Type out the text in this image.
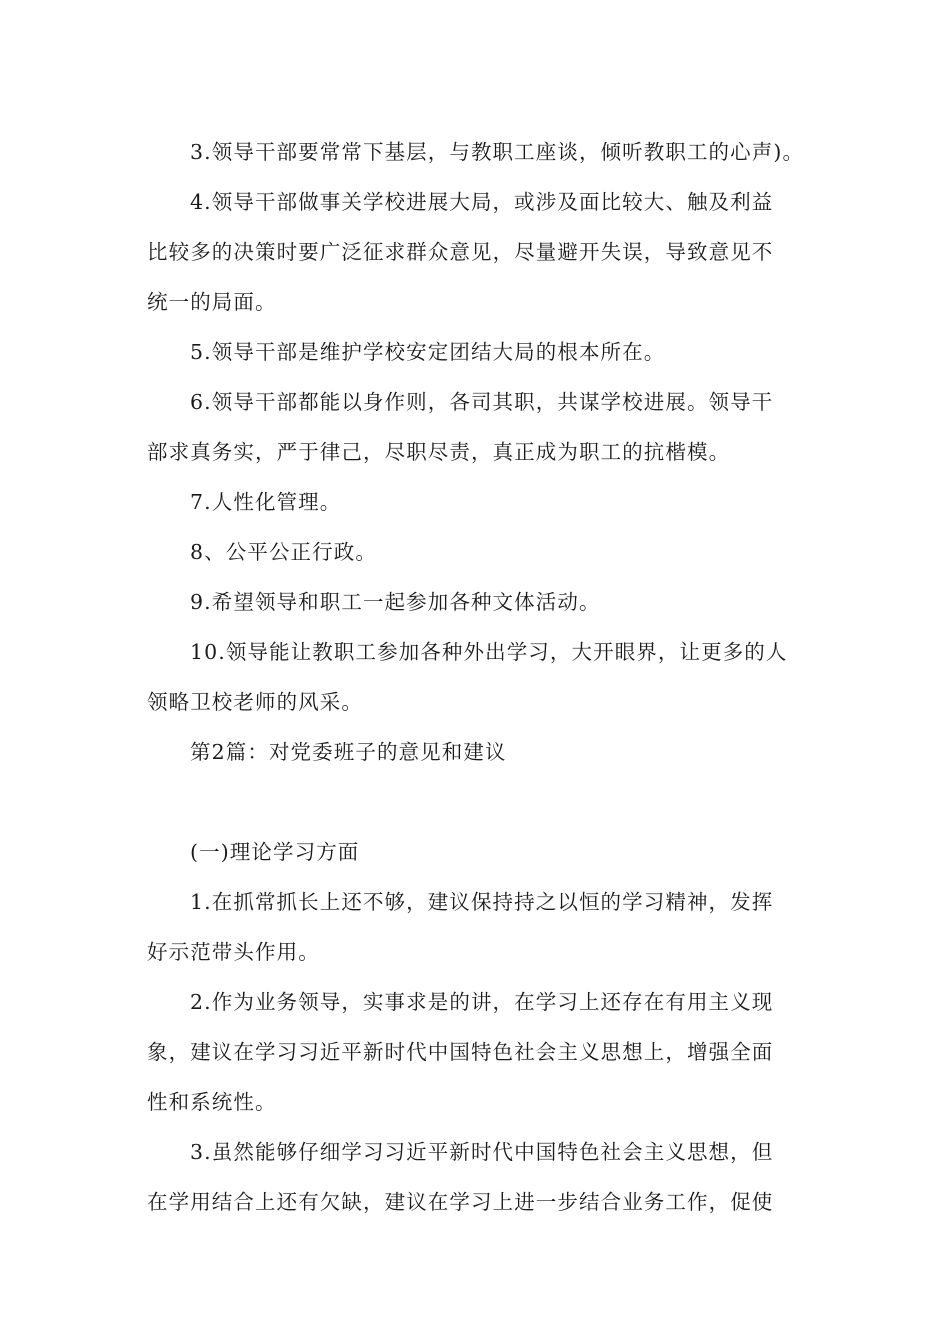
3.领导干部要常常下基层，与教职工座谈，倾听教职工的心声)。
4.领导干部做事关学校进展大局，或涉及面比较大、触及利益
比较多的决策时要广泛征求群众意见，尽量避开失误，导致意见不
统一的局面。
5.领导干部是维护学校安定团结大局的根本所在。
6.领导干部都能以身作则，各司其职，共谋学校进展。领导干
部求真务实，严于律己，尽职尽责，真正成为职工的抗楷模。
7.人性化管理。
8、公平公正行政。
9.希望领导和职工一起参加各种文体活动。
10.领导能让教职工参加各种外出学习，大开眼界，让更多的人
领略卫校老师的风采。
第2篇：对党委班子的意见和建议
(一)理论学习方面
1.在抓常抓长上还不够，建议保持持之以恒的学习精神，发挥
好示范带头作用。
2.作为业务领导，实事求是的讲，在学习上还存在有用主义现
象，建议在学习习近平新时代中国特色社会主义思想上，增强全面
性和系统性。
3.虽然能够仔细学习习近平新时代中国特色社会主义思想，但
在学用结合上还有欠缺，建议在学习上进一步结合业务工作，促使
